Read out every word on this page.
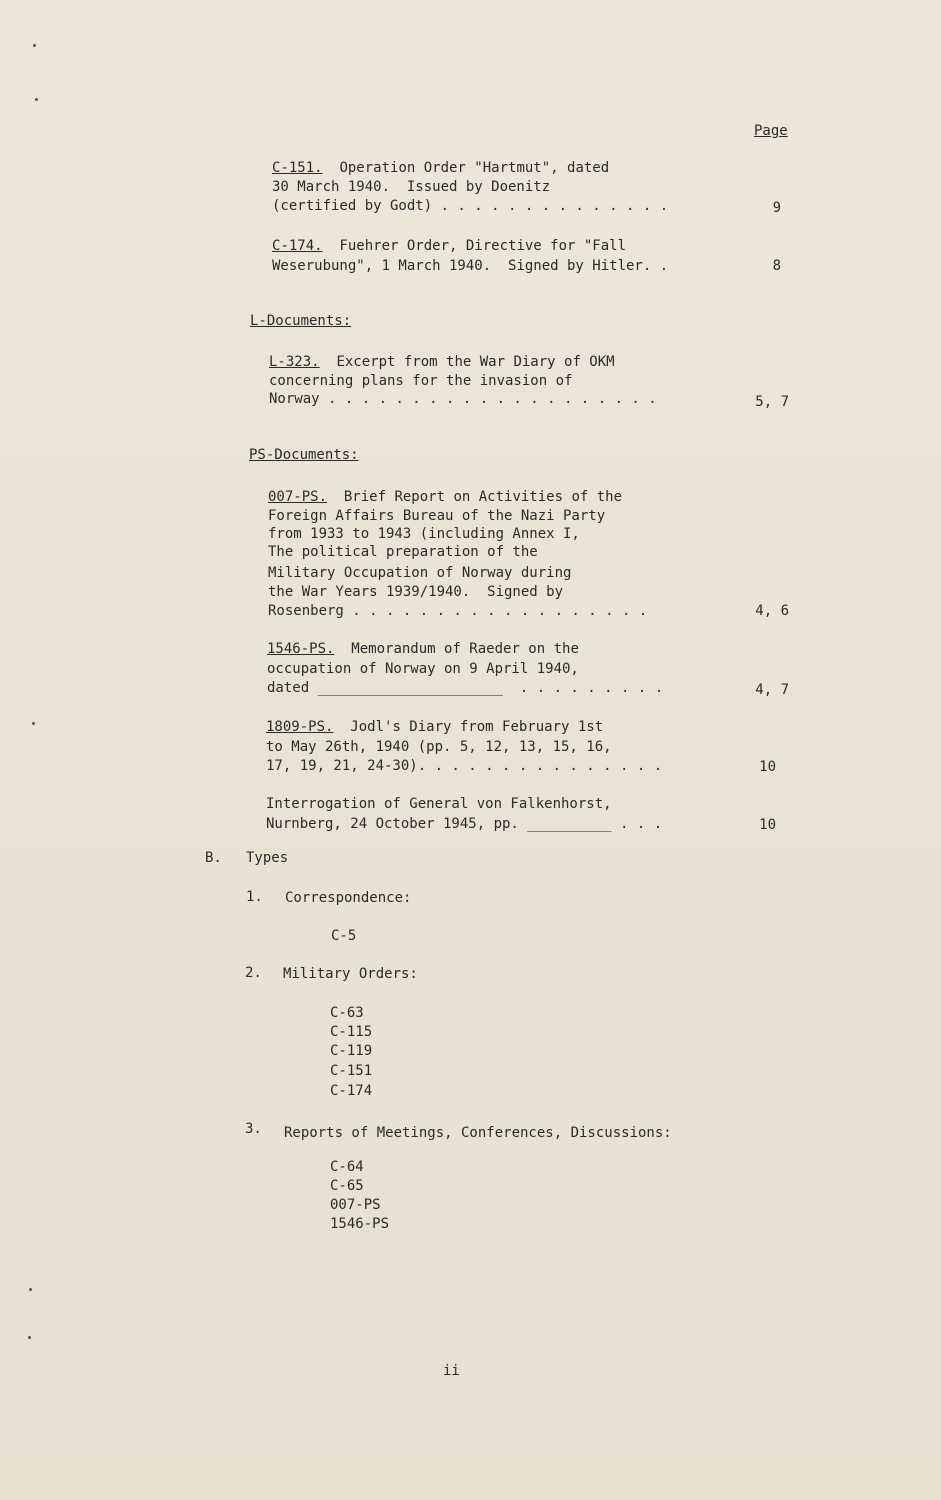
Page
C-151. Operation Order "Hartmut", dated
30 March 1940.  Issued by Doenitz
(certified by Godt) . . . . . . . . . . . . . .	9
C-174. Fuehrer Order, Directive for "Fall
Weserubung", 1 March 1940.  Signed by Hitler. .	8
L-Documents:
L-323. Excerpt from the War Diary of OKM
concerning plans for the invasion of
Norway . . . . . . . . . . . . . . . . . . . .	5, 7
PS-Documents:
007-PS. Brief Report on Activities of the
Foreign Affairs Bureau of the Nazi Party
from 1933 to 1943 (including Annex I,
The political preparation of the
Military Occupation of Norway during
the War Years 1939/1940.  Signed by
Rosenberg . . . . . . . . . . . . . . . . . .	4, 6
1546-PS. Memorandum of Raeder on the
occupation of Norway on 9 April 1940,
dated ______________________  . . . . . . . . .	4, 7
1809-PS. Jodl's Diary from February 1st
to May 26th, 1940 (pp. 5, 12, 13, 15, 16,
17, 19, 21, 24-30). . . . . . . . . . . . . . .	10
Interrogation of General von Falkenhorst,
Nurnberg, 24 October 1945, pp. __________ . . .	10
B. Types
1. Correspondence:
C-5
2. Military Orders:
C-63
C-115
C-119
C-151
C-174
3. Reports of Meetings, Conferences, Discussions:
C-64
C-65
007-PS
1546-PS
ii
